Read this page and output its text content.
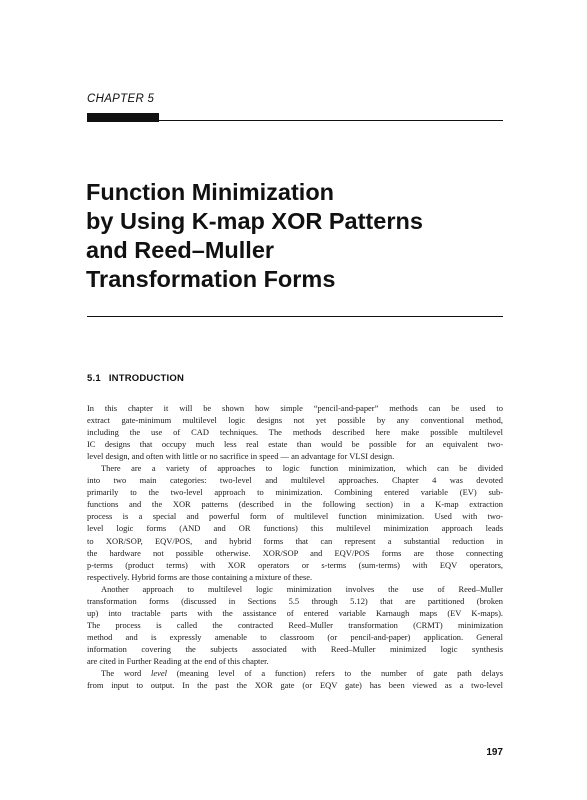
CHAPTER 5
Function Minimization
by Using K-map XOR Patterns
and Reed–Muller
Transformation Forms
5.1 INTRODUCTION

In this chapter it will be shown how simple “pencil-and-paper” methods can be used to
extract gate-minimum multilevel logic designs not yet possible by any conventional method,
including the use of CAD techniques. The methods described here make possible multilevel
IC designs that occupy much less real estate than would be possible for an equivalent two-
level design, and often with little or no sacrifice in speed — an advantage for VLSI design.

There are a variety of approaches to logic function minimization, which can be divided
into two main categories: two-level and multilevel approaches. Chapter 4 was devoted
primarily to the two-level approach to minimization. Combining entered variable (EV) sub-
functions and the XOR patterns (described in the following section) in a K-map extraction
process is a special and powerful form of multilevel function minimization. Used with two-
level logic forms (AND and OR functions) this multilevel minimization approach leads
to XOR/SOP, EQV/POS, and hybrid forms that can represent a substantial reduction in
the hardware not possible otherwise. XOR/SOP and EQV/POS forms are those connecting
p-terms (product terms) with XOR operators or s-terms (sum-terms) with EQV operators,
respectively. Hybrid forms are those containing a mixture of these.

Another approach to multilevel logic minimization involves the use of Reed–Muller
transformation forms (discussed in Sections 5.5 through 5.12) that are partitioned (broken
up) into tractable parts with the assistance of entered variable Karnaugh maps (EV K-maps).
The process is called the contracted Reed–Muller transformation (CRMT) minimization
method and is expressly amenable to classroom (or pencil-and-paper) application. General
information covering the subjects associated with Reed–Muller minimized logic synthesis
are cited in Further Reading at the end of this chapter.

The word level (meaning level of a function) refers to the number of gate path delays
from input to output. In the past the XOR gate (or EQV gate) has been viewed as a two-level

197
